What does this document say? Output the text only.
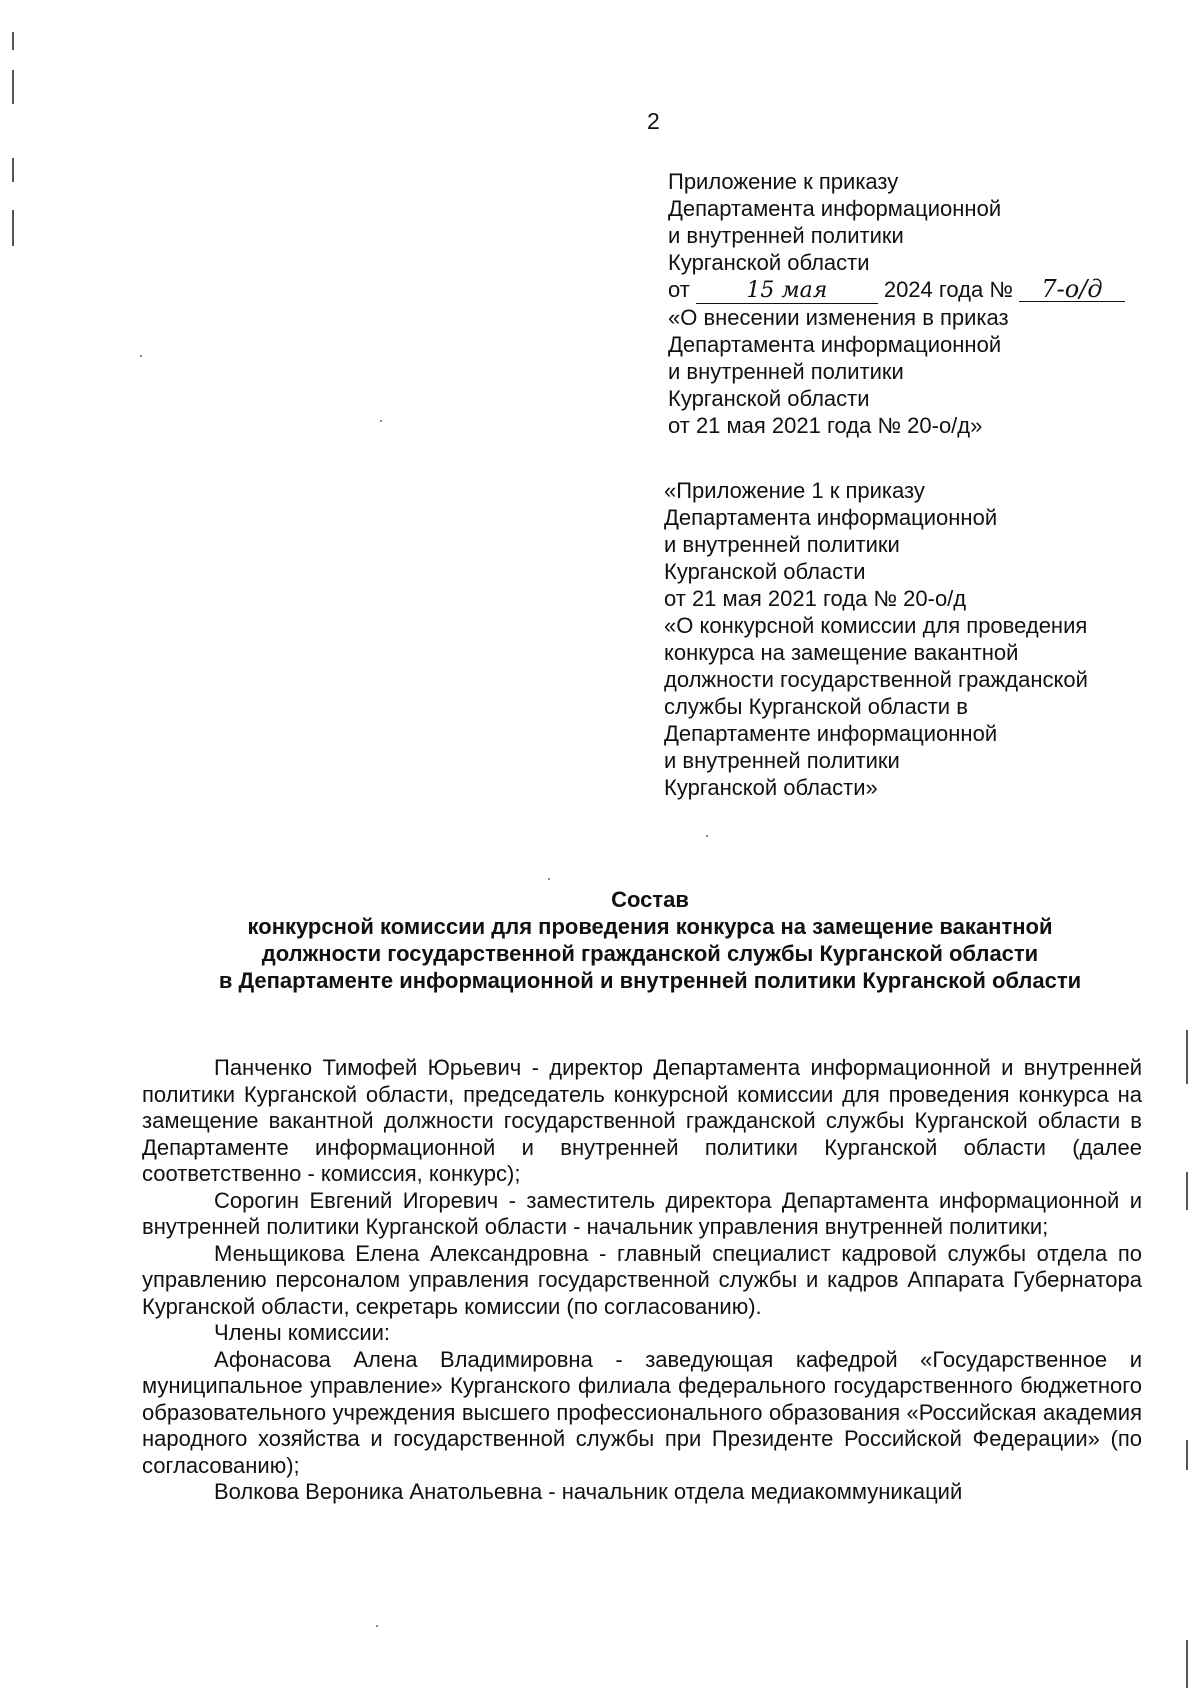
2
Приложение к приказу
Департамента информационной
и внутренней политики
Курганской области
от	15 мая	2024 года № 7-о/д
«О внесении изменения в приказ
Департамента информационной
и внутренней политики
Курганской области
от 21 мая 2021 года № 20-о/д»
«Приложение 1 к приказу
Департамента информационной
и внутренней политики
Курганской области
от 21 мая 2021 года № 20-о/д
«О конкурсной комиссии для проведения
конкурса на замещение вакантной
должности государственной гражданской
службы Курганской области в
Департаменте информационной
и внутренней политики
Курганской области»
Состав
конкурсной комиссии для проведения конкурса на замещение вакантной
должности государственной гражданской службы Курганской области
в Департаменте информационной и внутренней политики Курганской области

Панченко Тимофей Юрьевич - директор Департамента информационной и внутренней политики Курганской области, председатель конкурсной комиссии для проведения конкурса на замещение вакантной должности государственной гражданской службы Курганской области в Департаменте информационной и внутренней политики Курганской области (далее соответственно - комиссия, конкурс);

Сорогин Евгений Игоревич - заместитель директора Департамента информационной и внутренней политики Курганской области - начальник управления внутренней политики;

Меньщикова Елена Александровна - главный специалист кадровой службы отдела по управлению персоналом управления государственной службы и кадров Аппарата Губернатора Курганской области, секретарь комиссии (по согласованию).

Члены комиссии:

Афонасова Алена Владимировна - заведующая кафедрой «Государственное и муниципальное управление» Курганского филиала федерального государственного бюджетного образовательного учреждения высшего профессионального образования «Российская академия народного хозяйства и государственной службы при Президенте Российской Федерации» (по согласованию);

Волкова Вероника Анатольевна - начальник отдела медиакоммуникаций
